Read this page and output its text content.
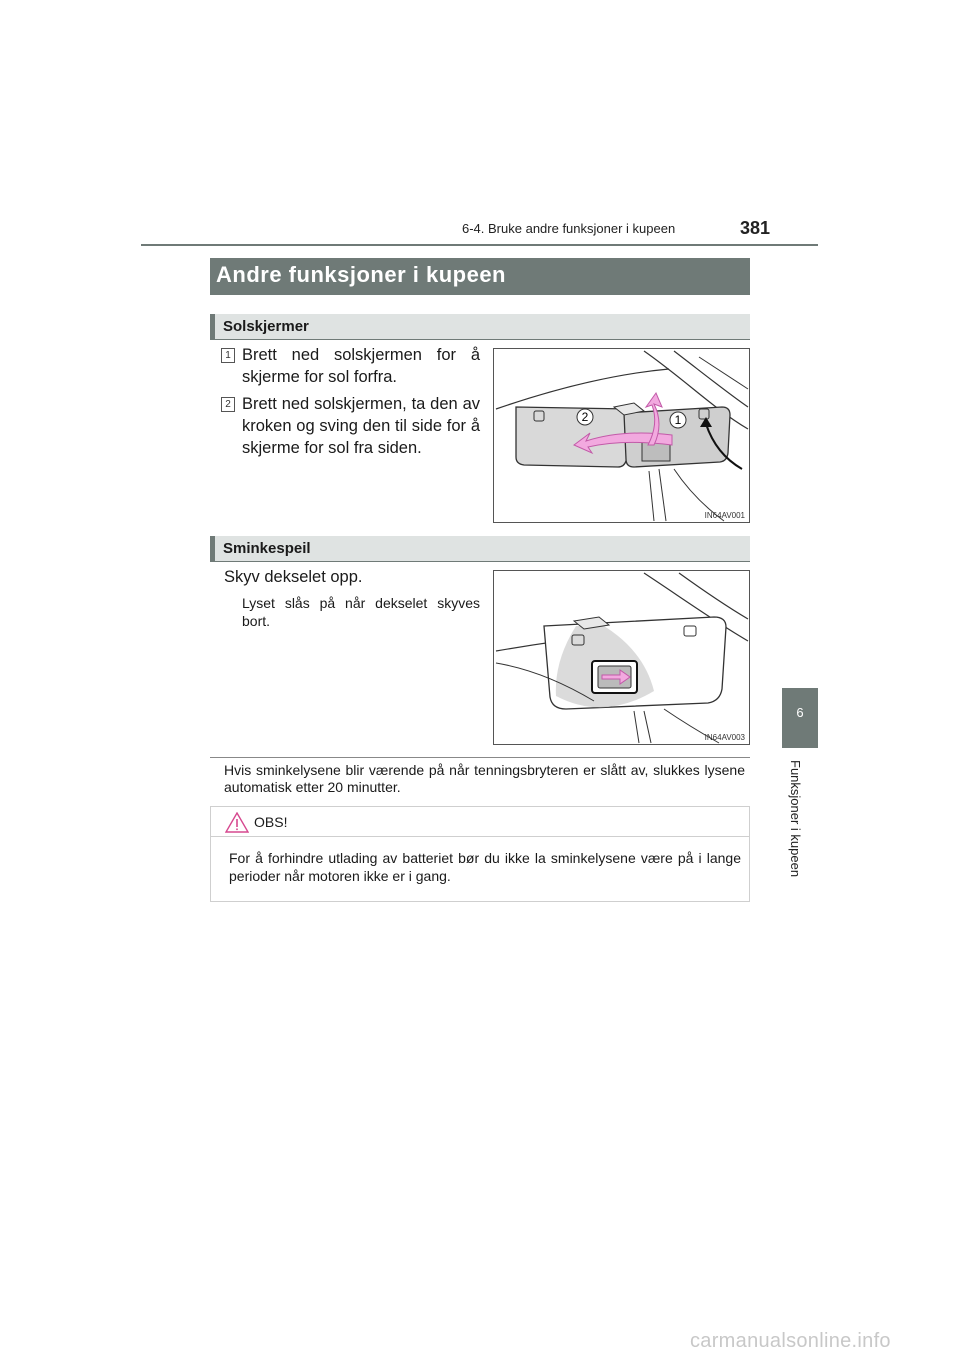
6-4. Bruke andre funksjoner i kupeen	381
6
Funksjoner i kupeen
Andre funksjoner i kupeen
Solskjermer
1 Brett ned solskjermen for å skjerme for sol forfra.
2 Brett ned solskjermen, ta den av kroken og sving den til side for å skjerme for sol fra siden.
2	1
IN64AV001
Sminkespeil
Skyv dekselet opp.
Lyset slås på når dekselet skyves bort.
IN64AV003
Hvis sminkelysene blir værende på når tenningsbryteren er slått av, slukkes lysene automatisk etter 20 minutter.
OBS!
For å forhindre utlading av batteriet bør du ikke la sminkelysene være på i lange perioder når motoren ikke er i gang.
carmanualsonline.info
